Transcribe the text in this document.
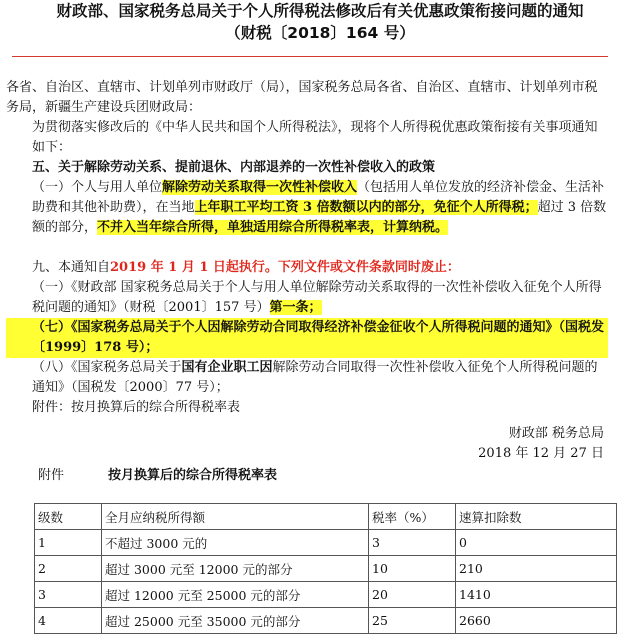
财政部、国家税务总局关于个人所得税法修改后有关优惠政策衔接问题的通知
（财税〔2018〕164 号）

各省、自治区、直辖市、计划单列市财政厅（局），国家税务总局各省、自治区、直辖市、计划单列市税务局，新疆生产建设兵团财政局：

为贯彻落实修改后的《中华人民共和国个人所得税法》，现将个人所得税优惠政策衔接有关事项通知如下：

五、关于解除劳动关系、提前退休、内部退养的一次性补偿收入的政策

（一）个人与用人单位解除劳动关系取得一次性补偿收入（包括用人单位发放的经济补偿金、生活补助费和其他补助费），在当地上年职工平均工资 3 倍数额以内的部分，免征个人所得税；超过 3 倍数额的部分，不并入当年综合所得，单独适用综合所得税率表，计算纳税。

九、本通知自2019 年 1 月 1 日起执行。下列文件或文件条款同时废止：

（一）《财政部 国家税务总局关于个人与用人单位解除劳动关系取得的一次性补偿收入征免个人所得税问题的通知》（财税〔2001〕157 号）第一条；

（七）《国家税务总局关于个人因解除劳动合同取得经济补偿金征收个人所得税问题的通知》（国税发〔1999〕178 号）；

（八）《国家税务总局关于国有企业职工因解除劳动合同取得一次性补偿收入征免个人所得税问题的通知》（国税发〔2000〕77 号）；

附件：按月换算后的综合所得税率表

财政部 税务总局
2018 年 12 月 27 日
附件	按月换算后的综合所得税率表
级数	全月应纳税所得额	税率（%）	速算扣除数
1	不超过 3000 元的	3	0
2	超过 3000 元至 12000 元的部分	10	210
3	超过 12000 元至 25000 元的部分	20	1410
4	超过 25000 元至 35000 元的部分	25	2660
